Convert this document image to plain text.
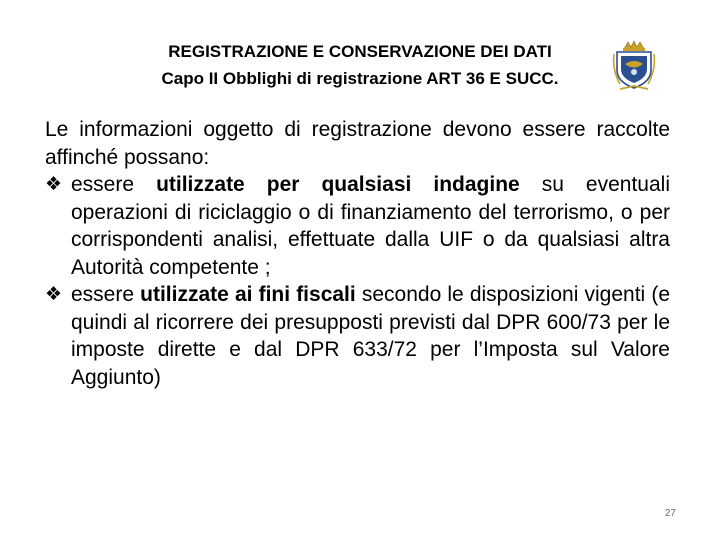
REGISTRAZIONE E CONSERVAZIONE DEI DATI
Capo II Obblighi di registrazione ART 36 E SUCC.

Le informazioni oggetto di registrazione devono essere raccolte affinché possano:

❖ essere utilizzate per qualsiasi indagine su eventuali operazioni di riciclaggio o di finanziamento del terrorismo, o per corrispondenti analisi, effettuate dalla UIF o da qualsiasi altra Autorità competente ;

❖ essere utilizzate ai fini fiscali secondo le disposizioni vigenti (e quindi al ricorrere dei presupposti previsti dal DPR 600/73 per le imposte dirette e dal DPR 633/72 per l’Imposta sul Valore Aggiunto)

27
